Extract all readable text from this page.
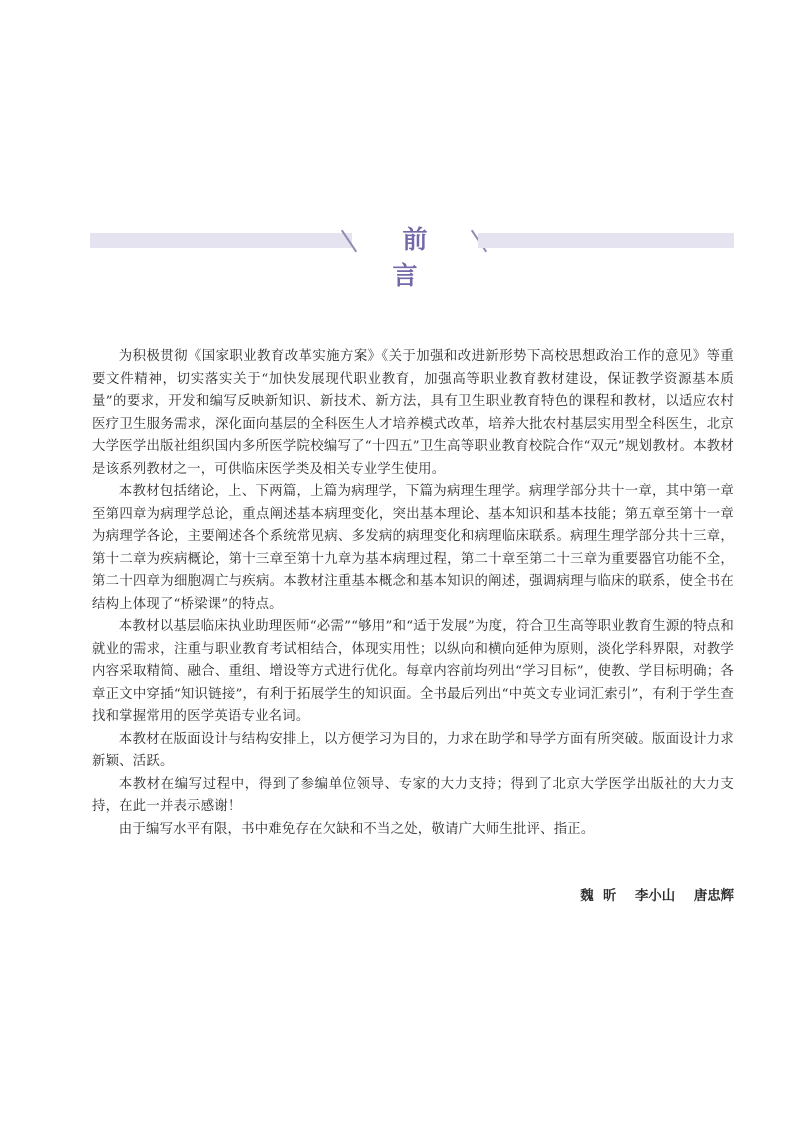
前 言

为积极贯彻《国家职业教育改革实施方案》《关于加强和改进新形势下高校思想政治工作的意见》等重要文件精神，切实落实关于“加快发展现代职业教育，加强高等职业教育教材建设，保证教学资源基本质量”的要求，开发和编写反映新知识、新技术、新方法，具有卫生职业教育特色的课程和教材，以适应农村医疗卫生服务需求，深化面向基层的全科医生人才培养模式改革，培养大批农村基层实用型全科医生，北京大学医学出版社组织国内多所医学院校编写了“十四五”卫生高等职业教育校院合作“双元”规划教材。本教材是该系列教材之一，可供临床医学类及相关专业学生使用。

本教材包括绪论，上、下两篇，上篇为病理学，下篇为病理生理学。病理学部分共十一章，其中第一章至第四章为病理学总论，重点阐述基本病理变化，突出基本理论、基本知识和基本技能；第五章至第十一章为病理学各论，主要阐述各个系统常见病、多发病的病理变化和病理临床联系。病理生理学部分共十三章，第十二章为疾病概论，第十三章至第十九章为基本病理过程，第二十章至第二十三章为重要器官功能不全，第二十四章为细胞凋亡与疾病。本教材注重基本概念和基本知识的阐述，强调病理与临床的联系，使全书在结构上体现了“桥梁课”的特点。

本教材以基层临床执业助理医师“必需”“够用”和“适于发展”为度，符合卫生高等职业教育生源的特点和就业的需求，注重与职业教育考试相结合，体现实用性；以纵向和横向延伸为原则，淡化学科界限，对教学内容采取精简、融合、重组、增设等方式进行优化。每章内容前均列出“学习目标”，使教、学目标明确；各章正文中穿插“知识链接”，有利于拓展学生的知识面。全书最后列出“中英文专业词汇索引”，有利于学生查找和掌握常用的医学英语专业名词。

本教材在版面设计与结构安排上，以方便学习为目的，力求在助学和导学方面有所突破。版面设计力求新颖、活跃。

本教材在编写过程中，得到了参编单位领导、专家的大力支持；得到了北京大学医学出版社的大力支持，在此一并表示感谢！

由于编写水平有限，书中难免存在欠缺和不当之处，敬请广大师生批评、指正。

魏  昕    李小山    唐忠辉
